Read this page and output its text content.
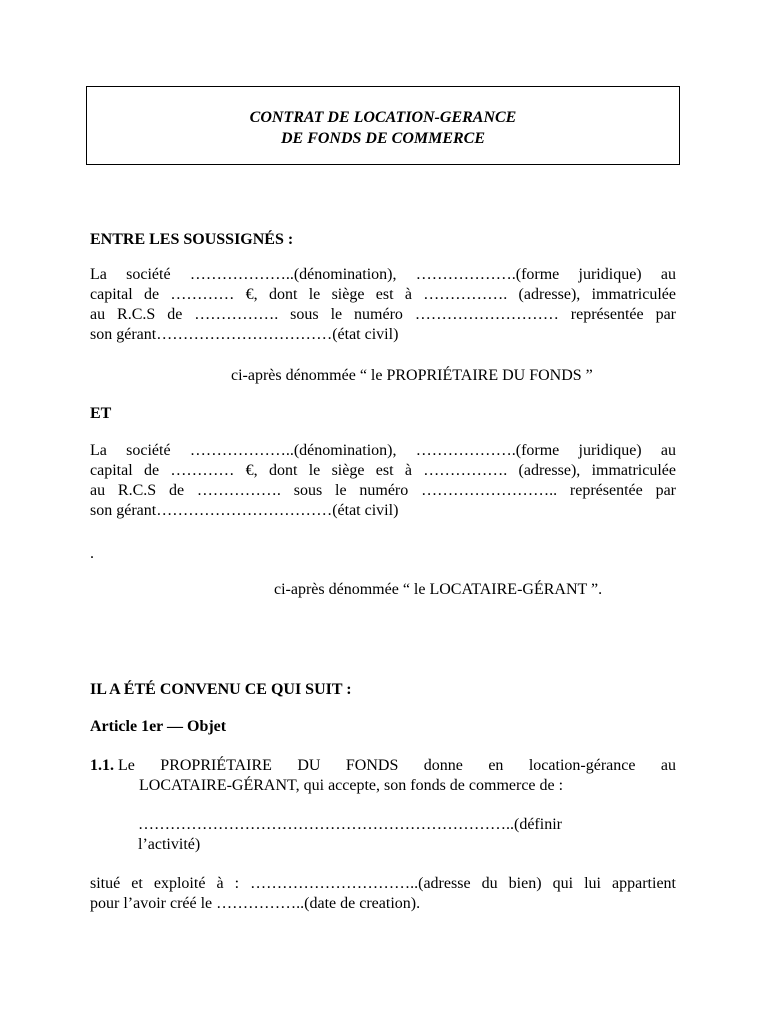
CONTRAT DE LOCATION-GERANCE
DE FONDS DE COMMERCE
ENTRE LES SOUSSIGNÉS :
La société ………………..(dénomination), ……………….(forme juridique) au
capital de ………… €, dont le siège est à ……………. (adresse), immatriculée
au R.C.S de ……………. sous le numéro ……………………… représentée par
son gérant……………………………(état civil)
ci-après dénommée “ le PROPRIÉTAIRE DU FONDS ”
ET
La société ………………..(dénomination), ……………….(forme juridique) au
capital de ………… €, dont le siège est à ……………. (adresse), immatriculée
au R.C.S de ……………. sous le numéro …………………….. représentée par
son gérant……………………………(état civil)
.
ci-après dénommée “ le LOCATAIRE-GÉRANT ”.
IL A ÉTÉ CONVENU CE QUI SUIT :
Article 1er — Objet
1.1. Le PROPRIÉTAIRE DU FONDS donne en location-gérance au
LOCATAIRE-GÉRANT, qui accepte, son fonds de commerce de :
……………………………………………………………..(définir
l’activité)
situé et exploité à : …………………………..(adresse du bien) qui lui appartient
pour l’avoir créé le ……………..(date de creation).
